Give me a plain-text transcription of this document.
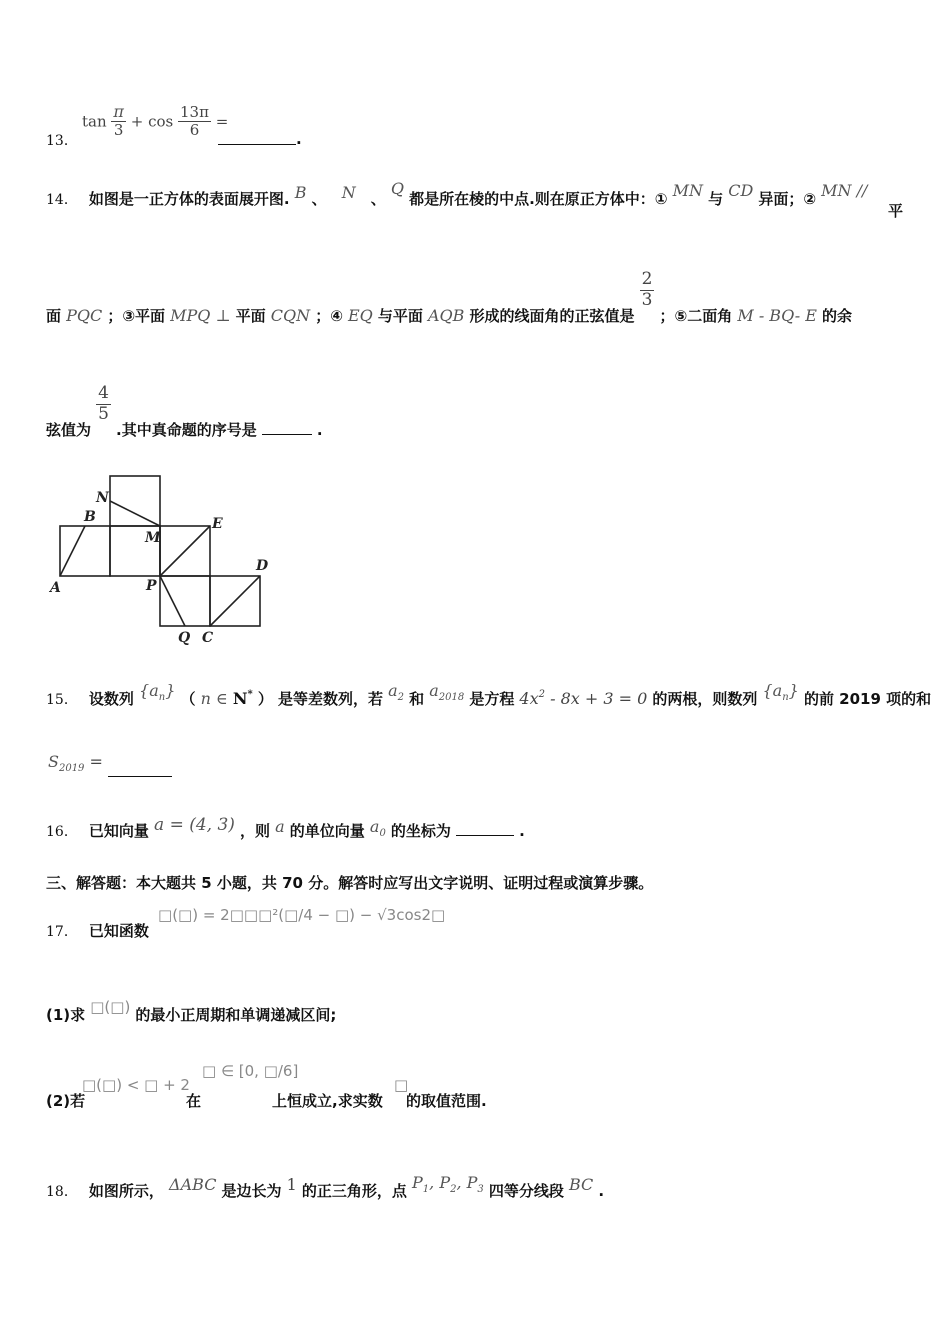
13．
$\tan \frac{\pi}{3} + \cos \frac{13\pi}{6}$ =
.
14． 如图是一正方体的表面展开图. B 、 N 、 Q 都是所在棱的中点.则在原正方体中：① MN 与 CD 异面；② MN //
平
面 PQC ；③平面 MPQ ⊥ 平面 CQN ；④ EQ 与平面 AQB 形成的线面角的正弦值是
$\frac{2}{3}$
；⑤二面角 M - BQ- E 的余
弦值为
$\frac{4}{5}$
.其中真命题的序号是	.
N
B
M
E
A	P
D
Q C
15． 设数列 $\{a_n\}$ （ n ∈ N* ） 是等差数列，若 $a_2$ 和 $a_{2018}$ 是方程 $4x^2 - 8x + 3 = 0$ 的两根，则数列 $\{a_n\}$ 的前 2019 项的和
$S_{2019}$ =
16． 已知向量 a = (4, 3) ，则 a 的单位向量 $a_0$ 的坐标为	.
三、解答题：本大题共 5 小题，共 70 分。解答时应写出文字说明、证明过程或演算步骤。
17． 已知函数 □(□) = 2□□□²(□/4 − □) − √3cos2□
(1)求 □(□) 的最小正周期和单调递减区间;
(2)若
□(□) < □ + 2
在
□ ∈ [0, □/6]
上恒成立,求实数
□
的取值范围.
18． 如图所示， ΔABC 是边长为 1 的正三角形，点 $P_1$, $P_2$, $P_3$ 四等分线段 BC .
